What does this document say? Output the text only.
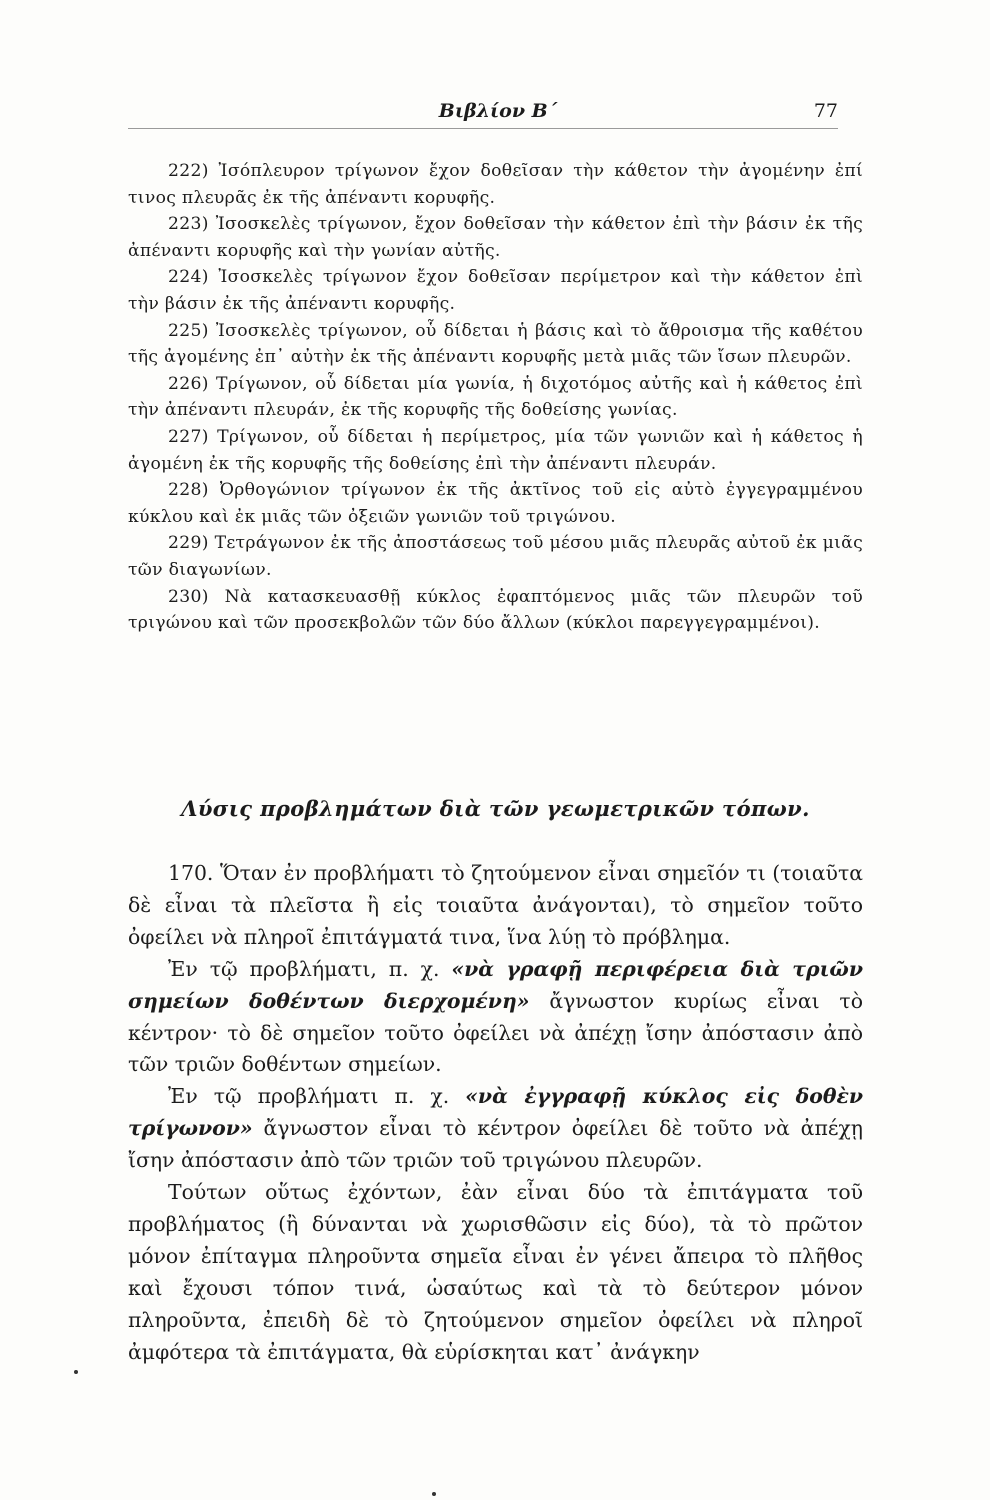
Βιβλίον Β΄	77

222) Ἰσόπλευρον τρίγωνον ἔχον δοθεῖσαν τὴν κάθετον τὴν ἀγομένην ἐπί τινος πλευρᾶς ἐκ τῆς ἀπέναντι κορυφῆς.

223) Ἰσοσκελὲς τρίγωνον, ἔχον δοθεῖσαν τὴν κάθετον ἐπὶ τὴν βάσιν ἐκ τῆς ἀπέναντι κορυφῆς καὶ τὴν γωνίαν αὐτῆς.

224) Ἰσοσκελὲς τρίγωνον ἔχον δοθεῖσαν περίμετρον καὶ τὴν κάθετον ἐπὶ τὴν βάσιν ἐκ τῆς ἀπέναντι κορυφῆς.

225) Ἰσοσκελὲς τρίγωνον, οὗ δίδεται ἡ βάσις καὶ τὸ ἄθροισμα τῆς καθέτου τῆς ἀγομένης ἐπ᾽ αὐτὴν ἐκ τῆς ἀπέναντι κορυφῆς μετὰ μιᾶς τῶν ἴσων πλευρῶν.

226) Τρίγωνον, οὗ δίδεται μία γωνία, ἡ διχοτόμος αὐτῆς καὶ ἡ κάθετος ἐπὶ τὴν ἀπέναντι πλευράν, ἐκ τῆς κορυφῆς τῆς δοθείσης γωνίας.

227) Τρίγωνον, οὗ δίδεται ἡ περίμετρος, μία τῶν γωνιῶν καὶ ἡ κάθετος ἡ ἀγομένη ἐκ τῆς κορυφῆς τῆς δοθείσης ἐπὶ τὴν ἀπέναντι πλευράν.

228) Ὀρθογώνιον τρίγωνον ἐκ τῆς ἀκτῖνος τοῦ εἰς αὐτὸ ἐγγεγραμμένου κύκλου καὶ ἐκ μιᾶς τῶν ὀξειῶν γωνιῶν τοῦ τριγώνου.

229) Τετράγωνον ἐκ τῆς ἀποστάσεως τοῦ μέσου μιᾶς πλευρᾶς αὐτοῦ ἐκ μιᾶς τῶν διαγωνίων.

230) Νὰ κατασκευασθῇ κύκλος ἐφαπτόμενος μιᾶς τῶν πλευρῶν τοῦ τριγώνου καὶ τῶν προσεκβολῶν τῶν δύο ἄλλων (κύκλοι παρεγγεγραμμένοι).

Λύσις προβλημάτων διὰ τῶν γεωμετρικῶν τόπων.

170. Ὅταν ἐν προβλήματι τὸ ζητούμενον εἶναι σημεῖόν τι (τοιαῦτα δὲ εἶναι τὰ πλεῖστα ἢ εἰς τοιαῦτα ἀνάγονται), τὸ σημεῖον τοῦτο ὀφείλει νὰ πληροῖ ἐπιτάγματά τινα, ἵνα λύῃ τὸ πρόβλημα.

Ἐν τῷ προβλήματι, π. χ. «νὰ γραφῇ περιφέρεια διὰ τριῶν σημείων δοθέντων διερχομένη» ἄγνωστον κυρίως εἶναι τὸ κέντρον· τὸ δὲ σημεῖον τοῦτο ὀφείλει νὰ ἀπέχῃ ἴσην ἀπόστασιν ἀπὸ τῶν τριῶν δοθέντων σημείων.

Ἐν τῷ προβλήματι π. χ. «νὰ ἐγγραφῇ κύκλος εἰς δοθὲν τρίγωνον» ἄγνωστον εἶναι τὸ κέντρον ὀφείλει δὲ τοῦτο νὰ ἀπέχῃ ἴσην ἀπόστασιν ἀπὸ τῶν τριῶν τοῦ τριγώνου πλευρῶν.

Τούτων οὕτως ἐχόντων, ἐὰν εἶναι δύο τὰ ἐπιτάγματα τοῦ προβλήματος (ἢ δύνανται νὰ χωρισθῶσιν εἰς δύο), τὰ τὸ πρῶτον μόνον ἐπίταγμα πληροῦντα σημεῖα εἶναι ἐν γένει ἄπειρα τὸ πλῆθος καὶ ἔχουσι τόπον τινά, ὡσαύτως καὶ τὰ τὸ δεύτερον μόνον πληροῦντα, ἐπειδὴ δὲ τὸ ζητούμενον σημεῖον ὀφείλει νὰ πληροῖ ἀμφότερα τὰ ἐπιτάγματα, θὰ εὑρίσκηται κατ᾽ ἀνάγκην
